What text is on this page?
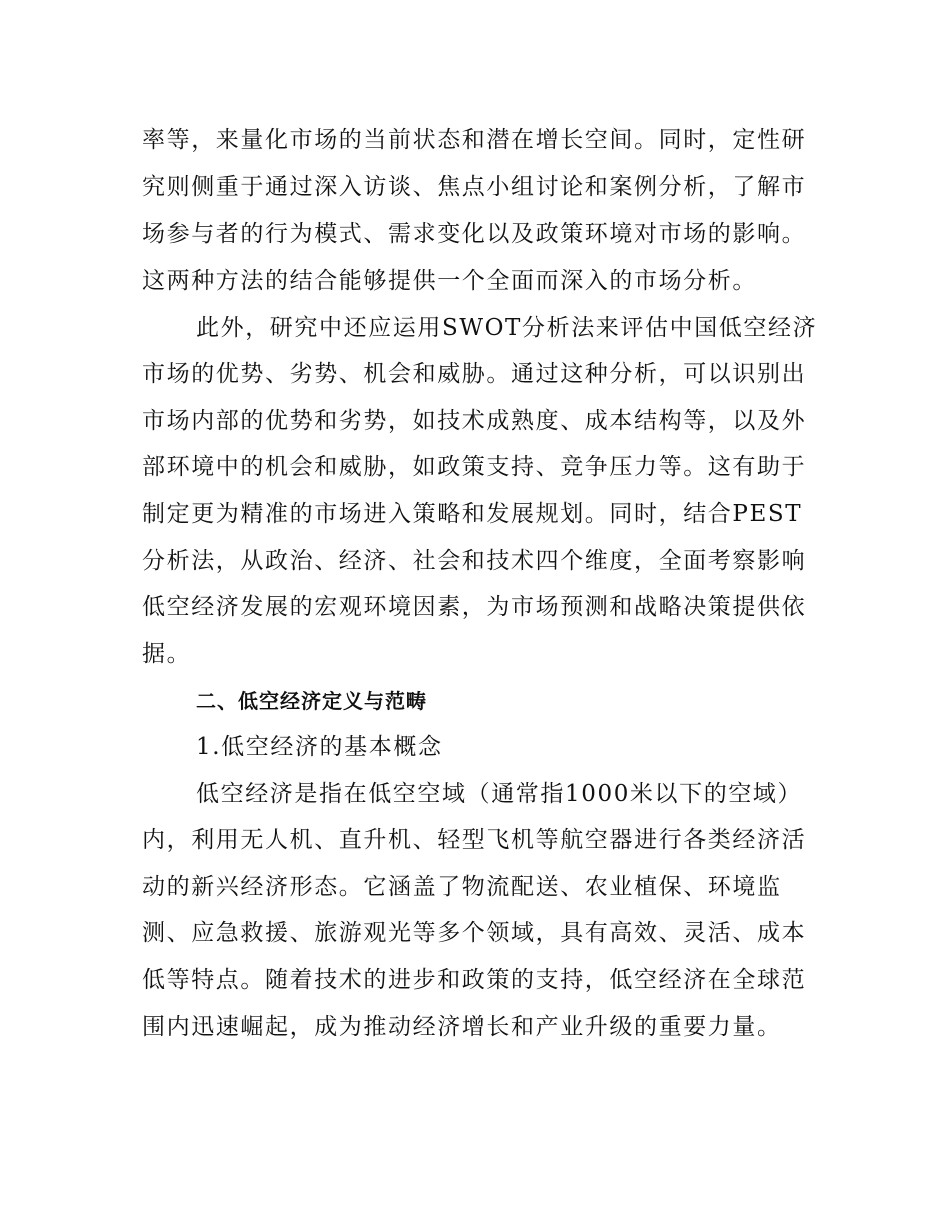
率等，来量化市场的当前状态和潜在增长空间。同时，定性研
究则侧重于通过深入访谈、焦点小组讨论和案例分析，了解市
场参与者的行为模式、需求变化以及政策环境对市场的影响。
这两种方法的结合能够提供一个全面而深入的市场分析。
此外，研究中还应运用SWOT分析法来评估中国低空经济
市场的优势、劣势、机会和威胁。通过这种分析，可以识别出
市场内部的优势和劣势，如技术成熟度、成本结构等，以及外
部环境中的机会和威胁，如政策支持、竞争压力等。这有助于
制定更为精准的市场进入策略和发展规划。同时，结合PEST
分析法，从政治、经济、社会和技术四个维度，全面考察影响
低空经济发展的宏观环境因素，为市场预测和战略决策提供依
据。
二、低空经济定义与范畴
1.低空经济的基本概念
低空经济是指在低空空域（通常指1000米以下的空域）
内，利用无人机、直升机、轻型飞机等航空器进行各类经济活
动的新兴经济形态。它涵盖了物流配送、农业植保、环境监
测、应急救援、旅游观光等多个领域，具有高效、灵活、成本
低等特点。随着技术的进步和政策的支持，低空经济在全球范
围内迅速崛起，成为推动经济增长和产业升级的重要力量。
